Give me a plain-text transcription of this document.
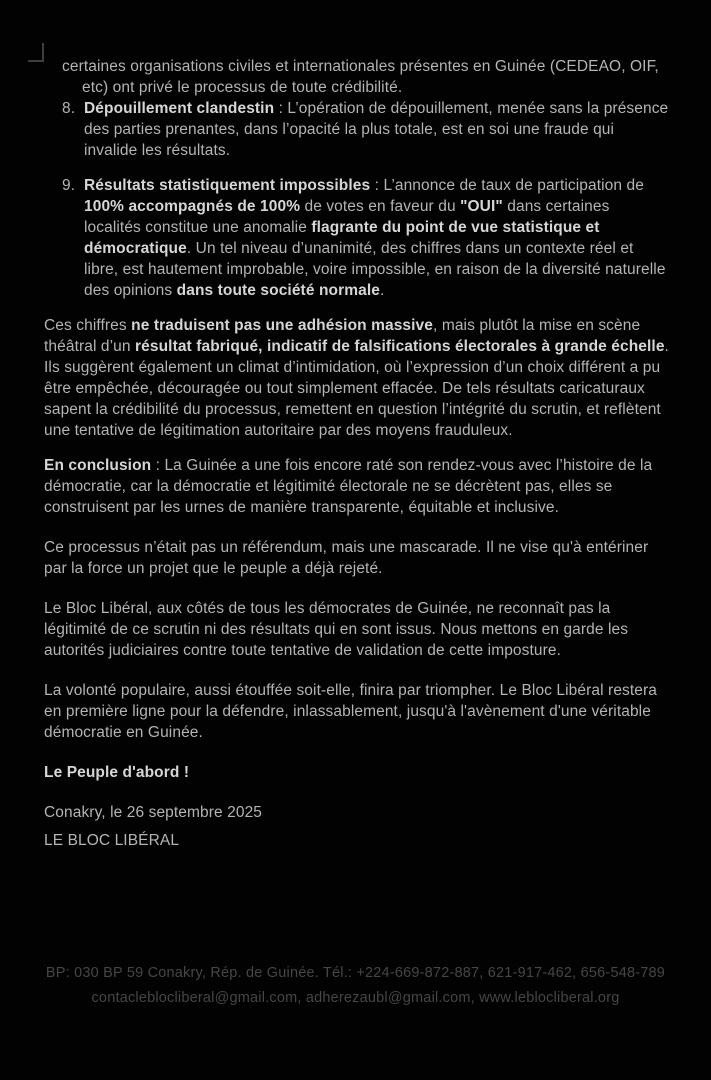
certaines organisations civiles et internationales présentes en Guinée (CEDEAO, OIF, etc) ont privé le processus de toute crédibilité.
8. Dépouillement clandestin : L’opération de dépouillement, menée sans la présence des parties prenantes, dans l’opacité la plus totale, est en soi une fraude qui invalide les résultats.
9. Résultats statistiquement impossibles : L’annonce de taux de participation de 100% accompagnés de 100% de votes en faveur du "OUI" dans certaines localités constitue une anomalie flagrante du point de vue statistique et démocratique. Un tel niveau d’unanimité, des chiffres dans un contexte réel et libre, est hautement improbable, voire impossible, en raison de la diversité naturelle des opinions dans toute société normale.
Ces chiffres ne traduisent pas une adhésion massive, mais plutôt la mise en scène théâtral d’un résultat fabriqué, indicatif de falsifications électorales à grande échelle. Ils suggèrent également un climat d’intimidation, où l’expression d’un choix différent a pu être empêchée, découragée ou tout simplement effacée. De tels résultats caricaturaux sapent la crédibilité du processus, remettent en question l’intégrité du scrutin, et reflètent une tentative de légitimation autoritaire par des moyens frauduleux.
En conclusion : La Guinée a une fois encore raté son rendez-vous avec l’histoire de la démocratie, car la démocratie et légitimité électorale ne se décrètent pas, elles se construisent par les urnes de manière transparente, équitable et inclusive.
Ce processus n’était pas un référendum, mais une mascarade. Il ne vise qu'à entériner par la force un projet que le peuple a déjà rejeté.
Le Bloc Libéral, aux côtés de tous les démocrates de Guinée, ne reconnaît pas la légitimité de ce scrutin ni des résultats qui en sont issus. Nous mettons en garde les autorités judiciaires contre toute tentative de validation de cette imposture.
La volonté populaire, aussi étouffée soit-elle, finira par triompher. Le Bloc Libéral restera en première ligne pour la défendre, inlassablement, jusqu'à l'avènement d'une véritable démocratie en Guinée.
Le Peuple d'abord !
Conakry, le 26 septembre 2025
LE BLOC LIBÉRAL
BP: 030 BP 59 Conakry, Rép. de Guinée. Tél.: +224-669-872-887, 621-917-462, 656-548-789
contacleblocliberal@gmail.com, adherezaubl@gmail.com, www.leblocliberal.org
